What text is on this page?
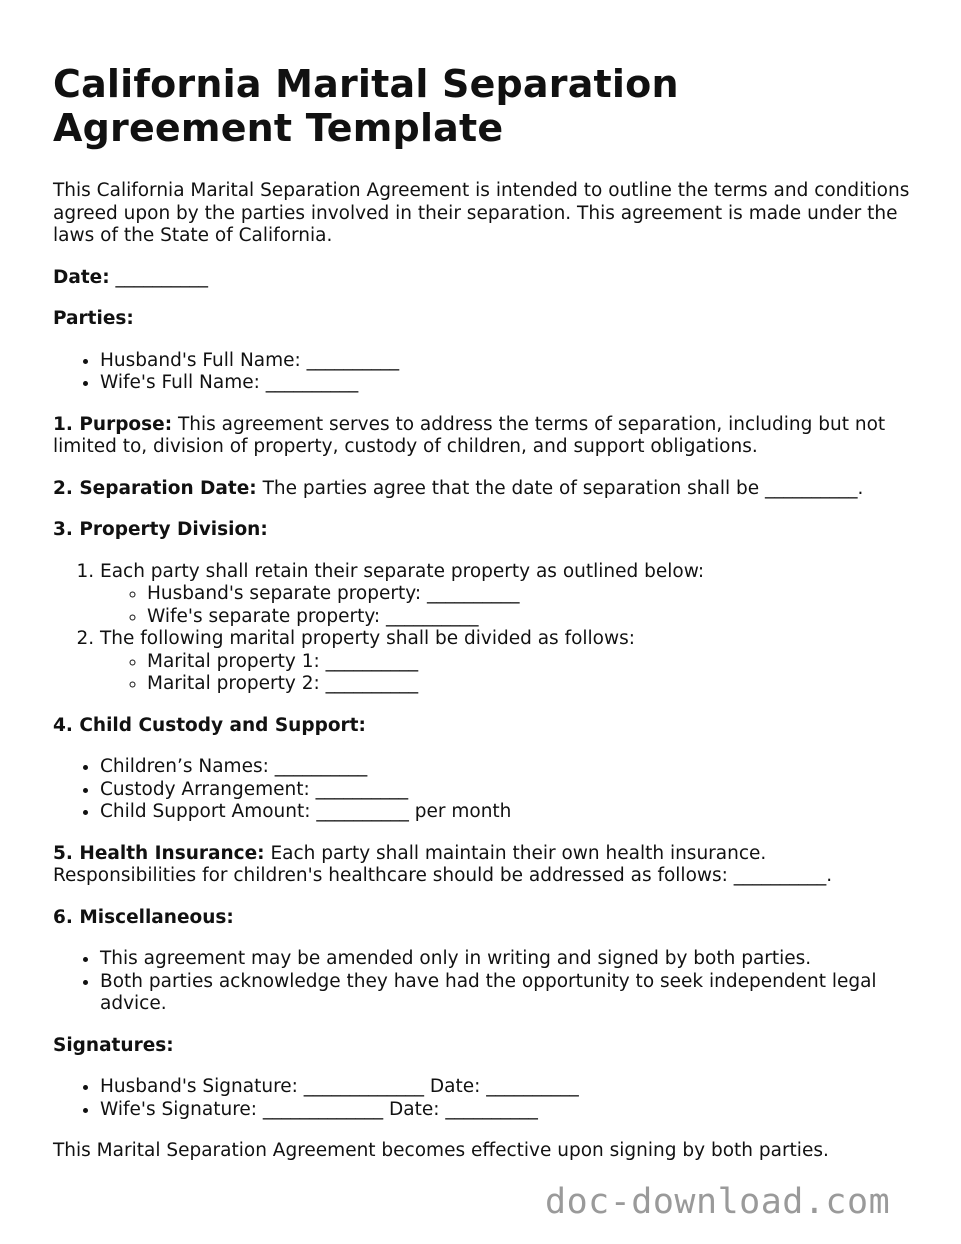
California Marital Separation Agreement Template

This California Marital Separation Agreement is intended to outline the terms and conditions agreed upon by the parties involved in their separation. This agreement is made under the laws of the State of California.

Date: __________

Parties:

• Husband's Full Name: __________
• Wife's Full Name: __________

1. Purpose: This agreement serves to address the terms of separation, including but not limited to, division of property, custody of children, and support obligations.

2. Separation Date: The parties agree that the date of separation shall be __________.

3. Property Division:

1. Each party shall retain their separate property as outlined below:
◦ Husband's separate property: __________
◦ Wife's separate property: __________
2. The following marital property shall be divided as follows:
◦ Marital property 1: __________
◦ Marital property 2: __________

4. Child Custody and Support:

• Children’s Names: __________
• Custody Arrangement: __________
• Child Support Amount: __________ per month

5. Health Insurance: Each party shall maintain their own health insurance. Responsibilities for children's healthcare should be addressed as follows: __________.

6. Miscellaneous:

• This agreement may be amended only in writing and signed by both parties.
• Both parties acknowledge they have had the opportunity to seek independent legal advice.

Signatures:

• Husband's Signature: _____________ Date: __________
• Wife's Signature: _____________ Date: __________

This Marital Separation Agreement becomes effective upon signing by both parties.

doc-download.com
